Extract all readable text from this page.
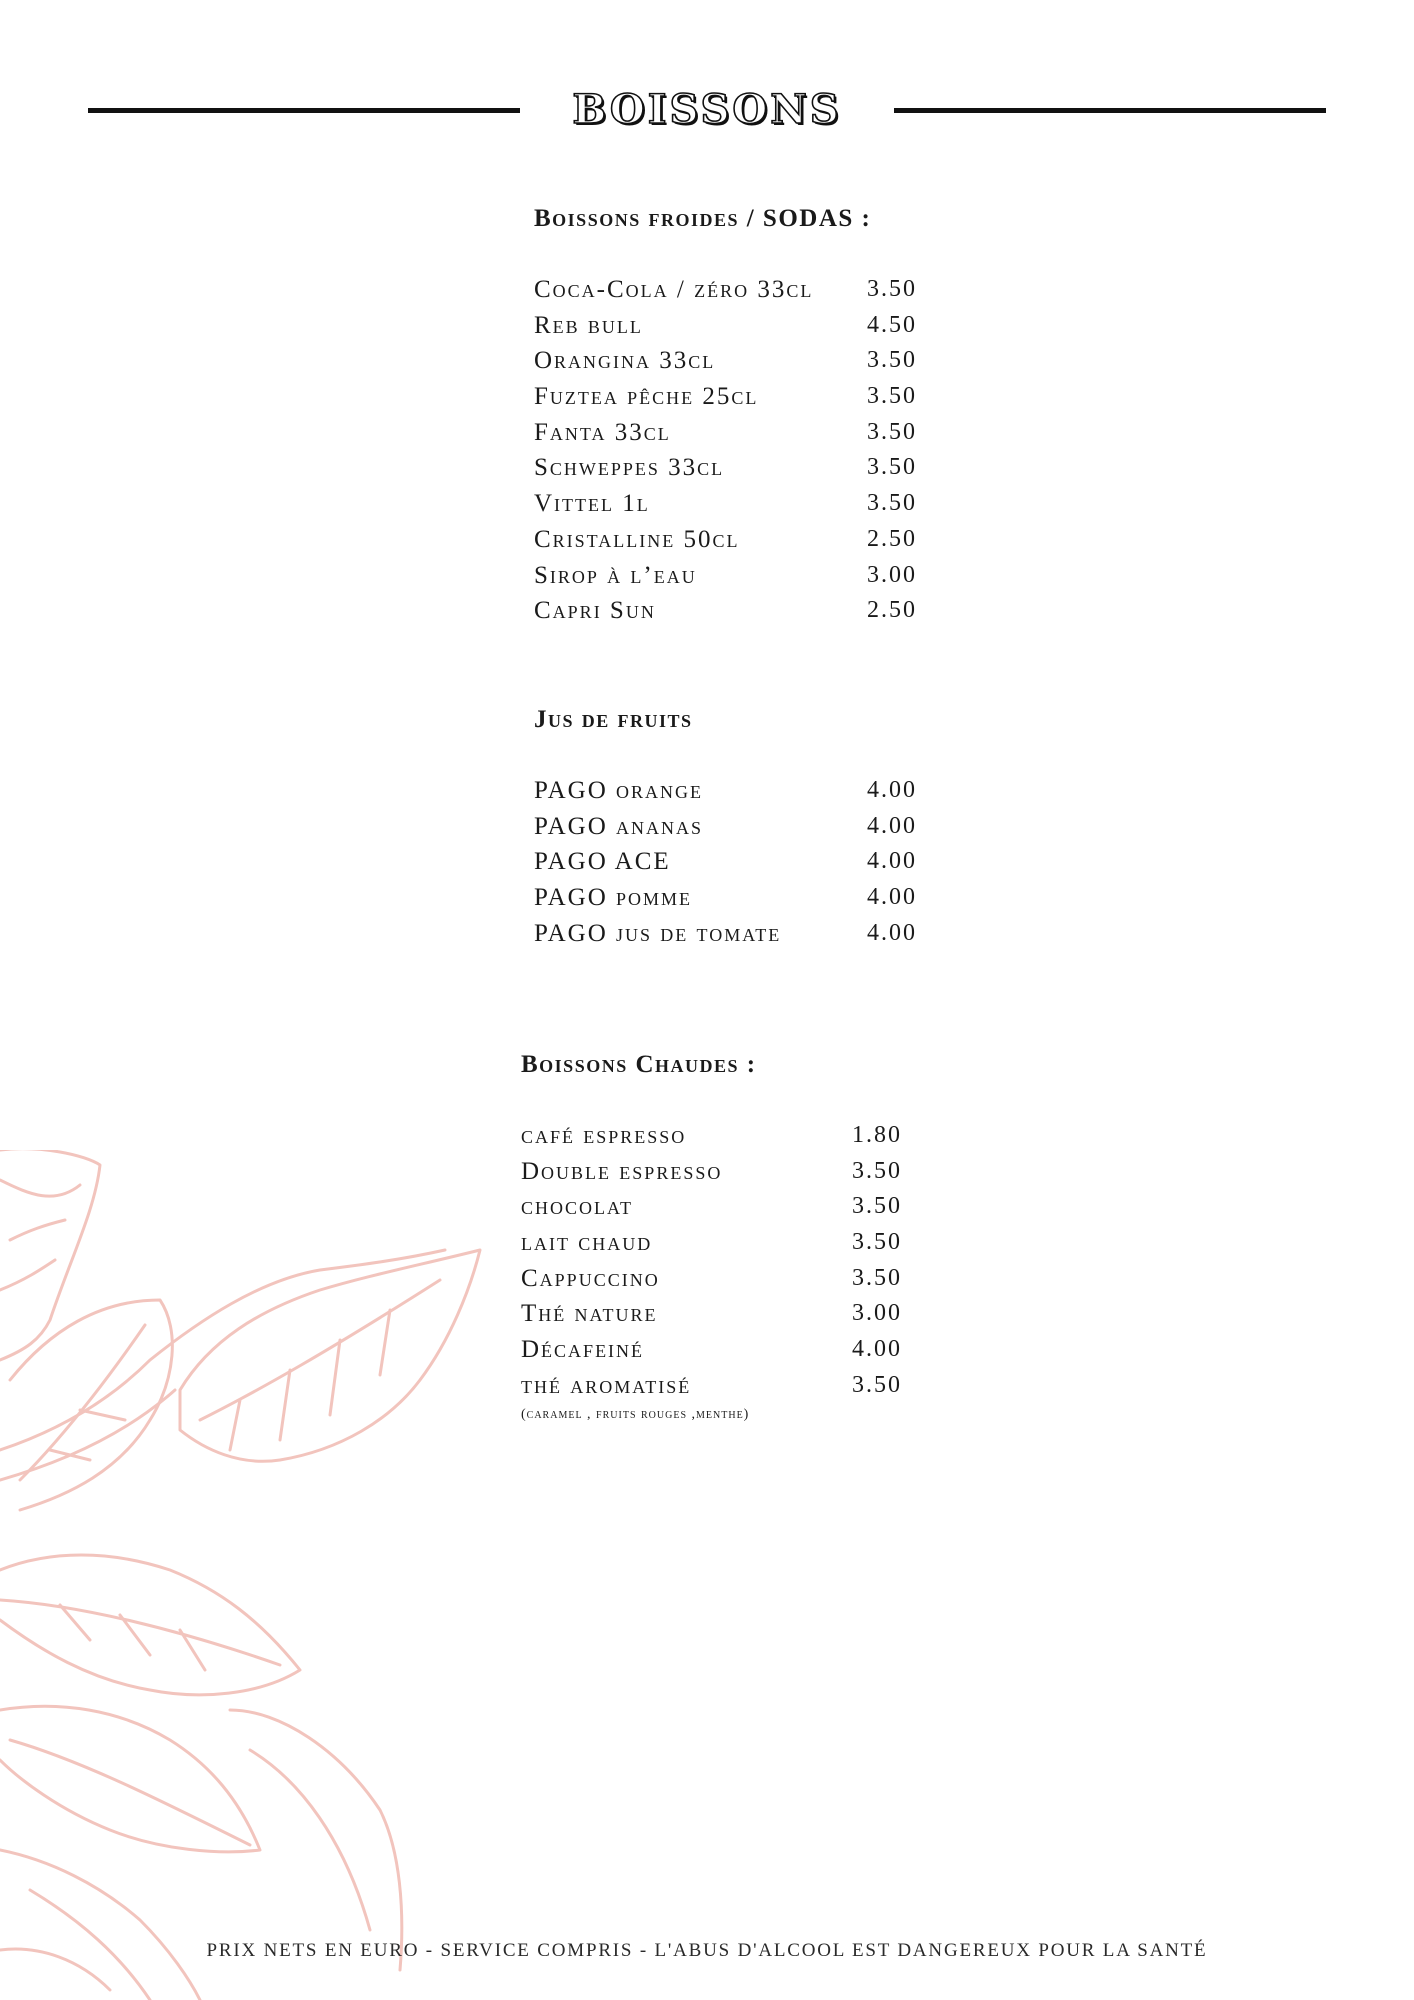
BOISSONS
Boissons froides / SODAS :
Coca-Cola / zéro 33cl 3.50
Reb bull	4.50
Orangina 33cl	3.50
Fuztea pêche 25cl	3.50
Fanta 33cl	3.50
Schweppes 33cl	3.50
Vittel 1l	3.50
Cristalline 50cl	2.50
Sirop à l’eau	3.00
Capri Sun	2.50
Jus de fruits
PAGO orange	4.00
PAGO ananas	4.00
PAGO ACE	4.00
PAGO pomme	4.00
PAGO jus de tomate	4.00
Boissons Chaudes :
café espresso	1.80
Double espresso	3.50
chocolat	3.50
lait chaud	3.50
Cappuccino	3.50
Thé nature	3.00
Décafeiné	4.00
thé aromatisé	3.50
(caramel , fruits rouges ,menthe)
PRIX NETS EN EURO - SERVICE COMPRIS - L'ABUS D'ALCOOL EST DANGEREUX POUR LA SANTÉ
